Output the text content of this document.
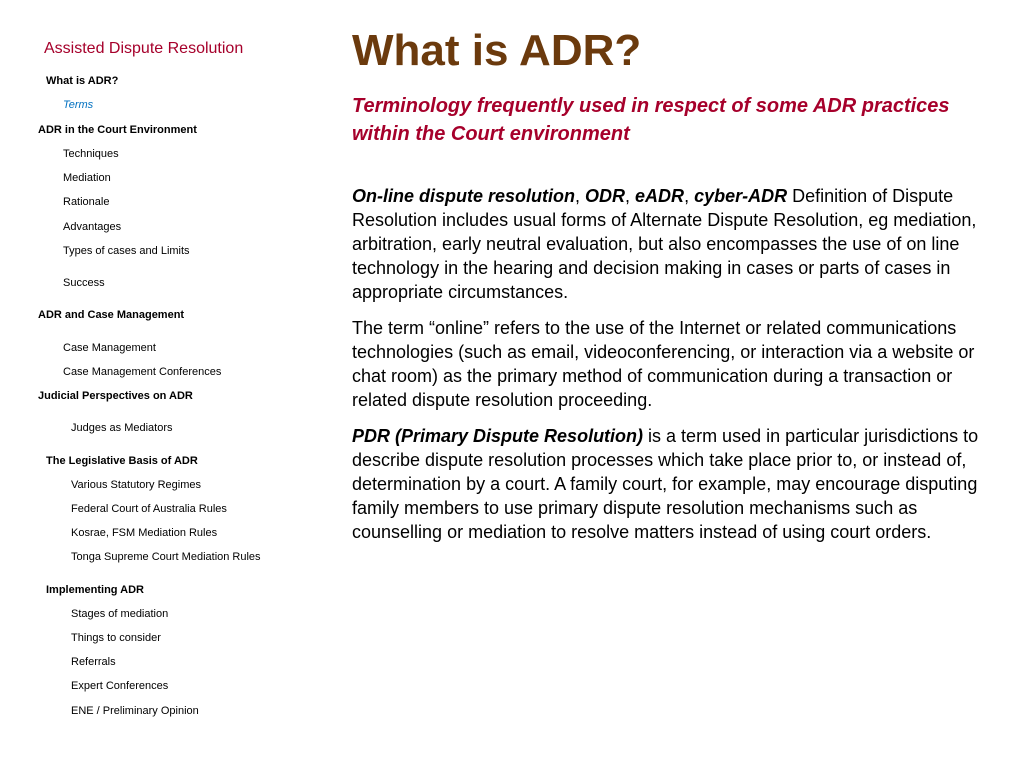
Assisted Dispute Resolution
What is ADR?
Terms
ADR in the Court Environment
Techniques
Mediation
Rationale
Advantages
Types of cases and Limits
Success
ADR and Case Management
Case Management
Case Management Conferences
Judicial Perspectives on ADR
Judges as Mediators
The Legislative Basis of ADR
Various Statutory Regimes
Federal Court of Australia Rules
Kosrae, FSM Mediation Rules
Tonga Supreme Court Mediation Rules
Implementing ADR
Stages of mediation
Things to consider
Referrals
Expert Conferences
ENE / Preliminary Opinion
What is ADR?
Terminology frequently used in respect of some ADR practices within the Court environment

On-line dispute resolution, ODR, eADR, cyber-ADR Definition of Dispute Resolution includes usual forms of Alternate Dispute Resolution, eg mediation, arbitration, early neutral evaluation, but also encompasses the use of on line technology in the hearing and decision making in cases or parts of cases in appropriate circumstances.

The term “online” refers to the use of the Internet or related communications technologies (such as email, videoconferencing, or interaction via a website or chat room) as the primary method of communication during a transaction or related dispute resolution proceeding.

PDR (Primary Dispute Resolution) is a term used in particular jurisdictions to describe dispute resolution processes which take place prior to, or instead of, determination by a court. A family court, for example, may encourage disputing family members to use primary dispute resolution mechanisms such as counselling or mediation to resolve matters instead of using court orders.
